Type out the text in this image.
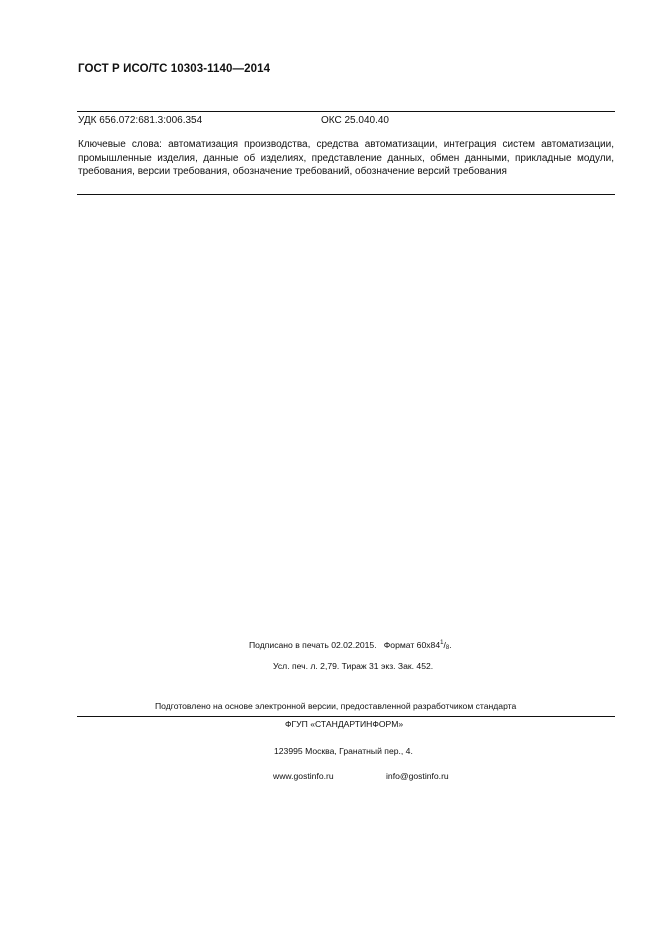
ГОСТ Р ИСО/ТС 10303-1140—2014
УДК 656.072:681.3:006.354	ОКС 25.040.40
Ключевые слова: автоматизация производства, средства автоматизации, интеграция систем автоматизации, промышленные изделия, данные об изделиях, представление данных, обмен данными, прикладные модули, требования, версии требования, обозначение требований, обозначение версий требования
Подписано в печать 02.02.2015. Формат $60x84^1/_8$.
Усл. печ. л. 2,79. Тираж 31 экз. Зак. 452.
Подготовлено на основе электронной версии, предоставленной разработчиком стандарта
ФГУП «СТАНДАРТИНФОРМ»
123995 Москва, Гранатный пер., 4.
www.gostinfo.ru	info@gostinfo.ru
